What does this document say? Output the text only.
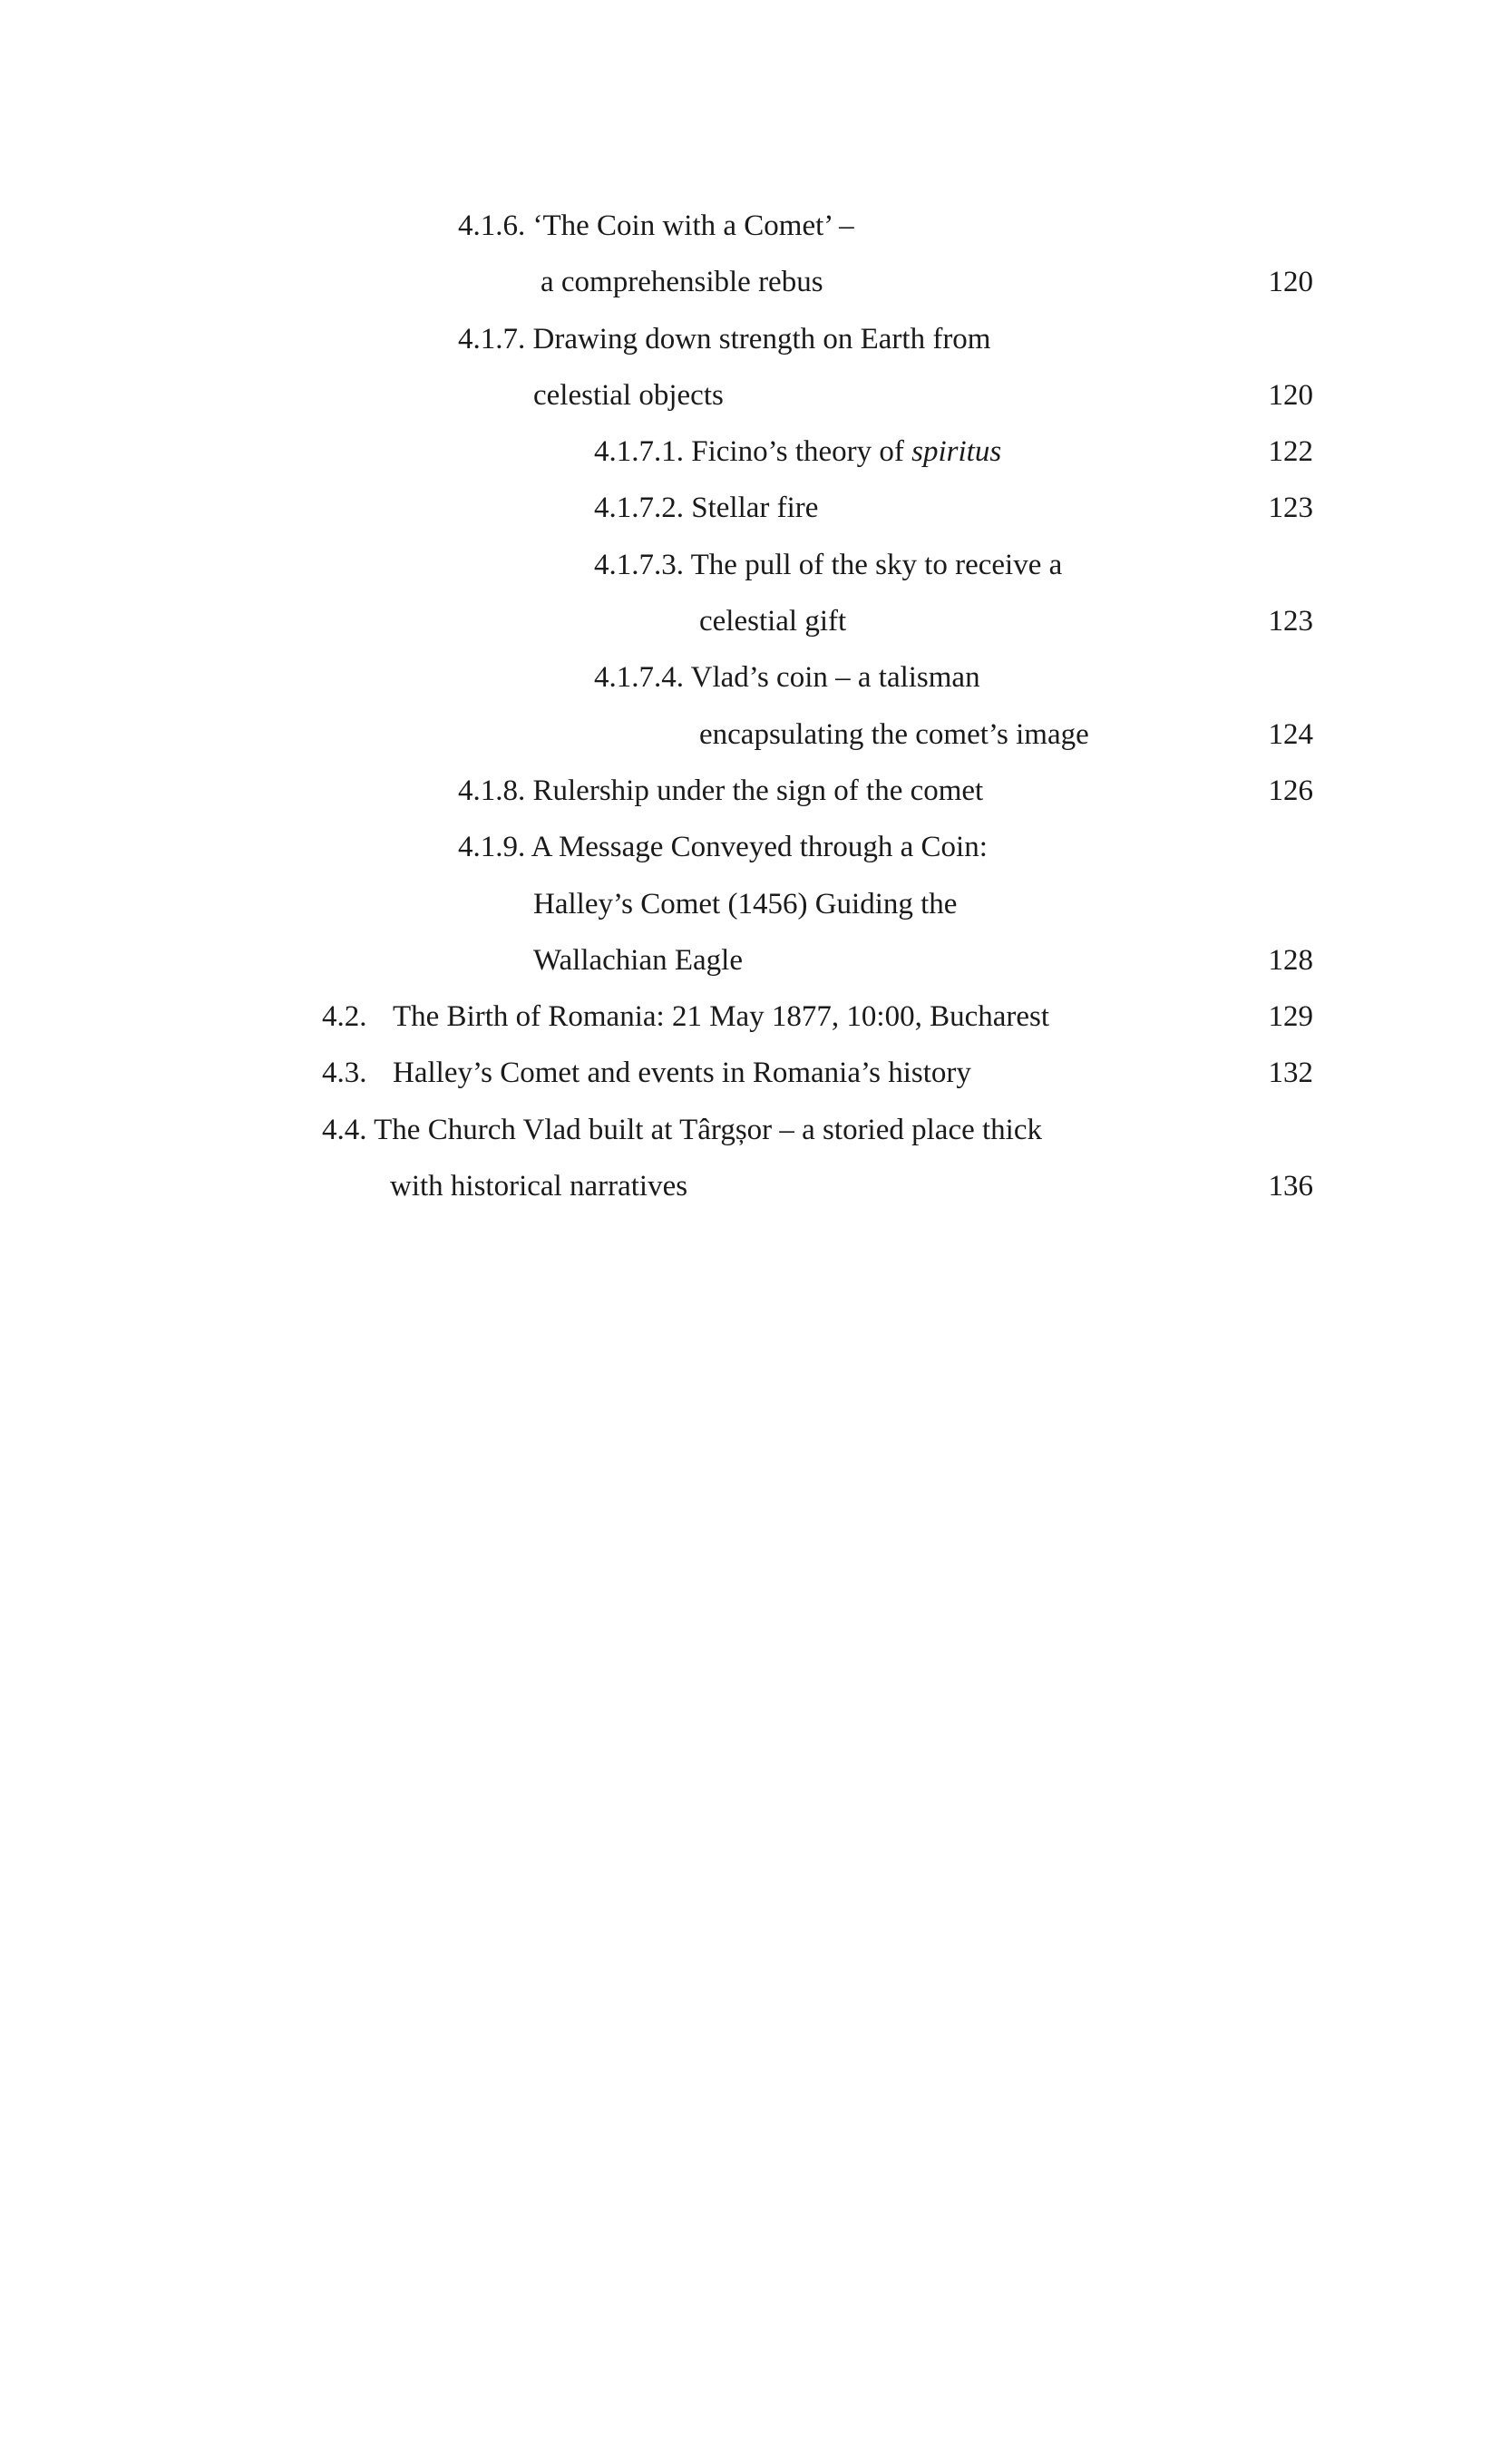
4.1.6. ‘The Coin with a Comet’ –
a comprehensible rebus	120
4.1.7. Drawing down strength on Earth from
celestial objects	120
4.1.7.1. Ficino’s theory of spiritus	122
4.1.7.2. Stellar fire	123
4.1.7.3. The pull of the sky to receive a
celestial gift	123
4.1.7.4. Vlad’s coin – a talisman
encapsulating the comet’s image	124
4.1.8. Rulership under the sign of the comet	126
4.1.9. A Message Conveyed through a Coin:
Halley’s Comet (1456) Guiding the
Wallachian Eagle	128
4.2. The Birth of Romania: 21 May 1877, 10:00, Bucharest	129
4.3. Halley’s Comet and events in Romania’s history	132
4.4. The Church Vlad built at Târgșor – a storied place thick
with historical narratives	136
